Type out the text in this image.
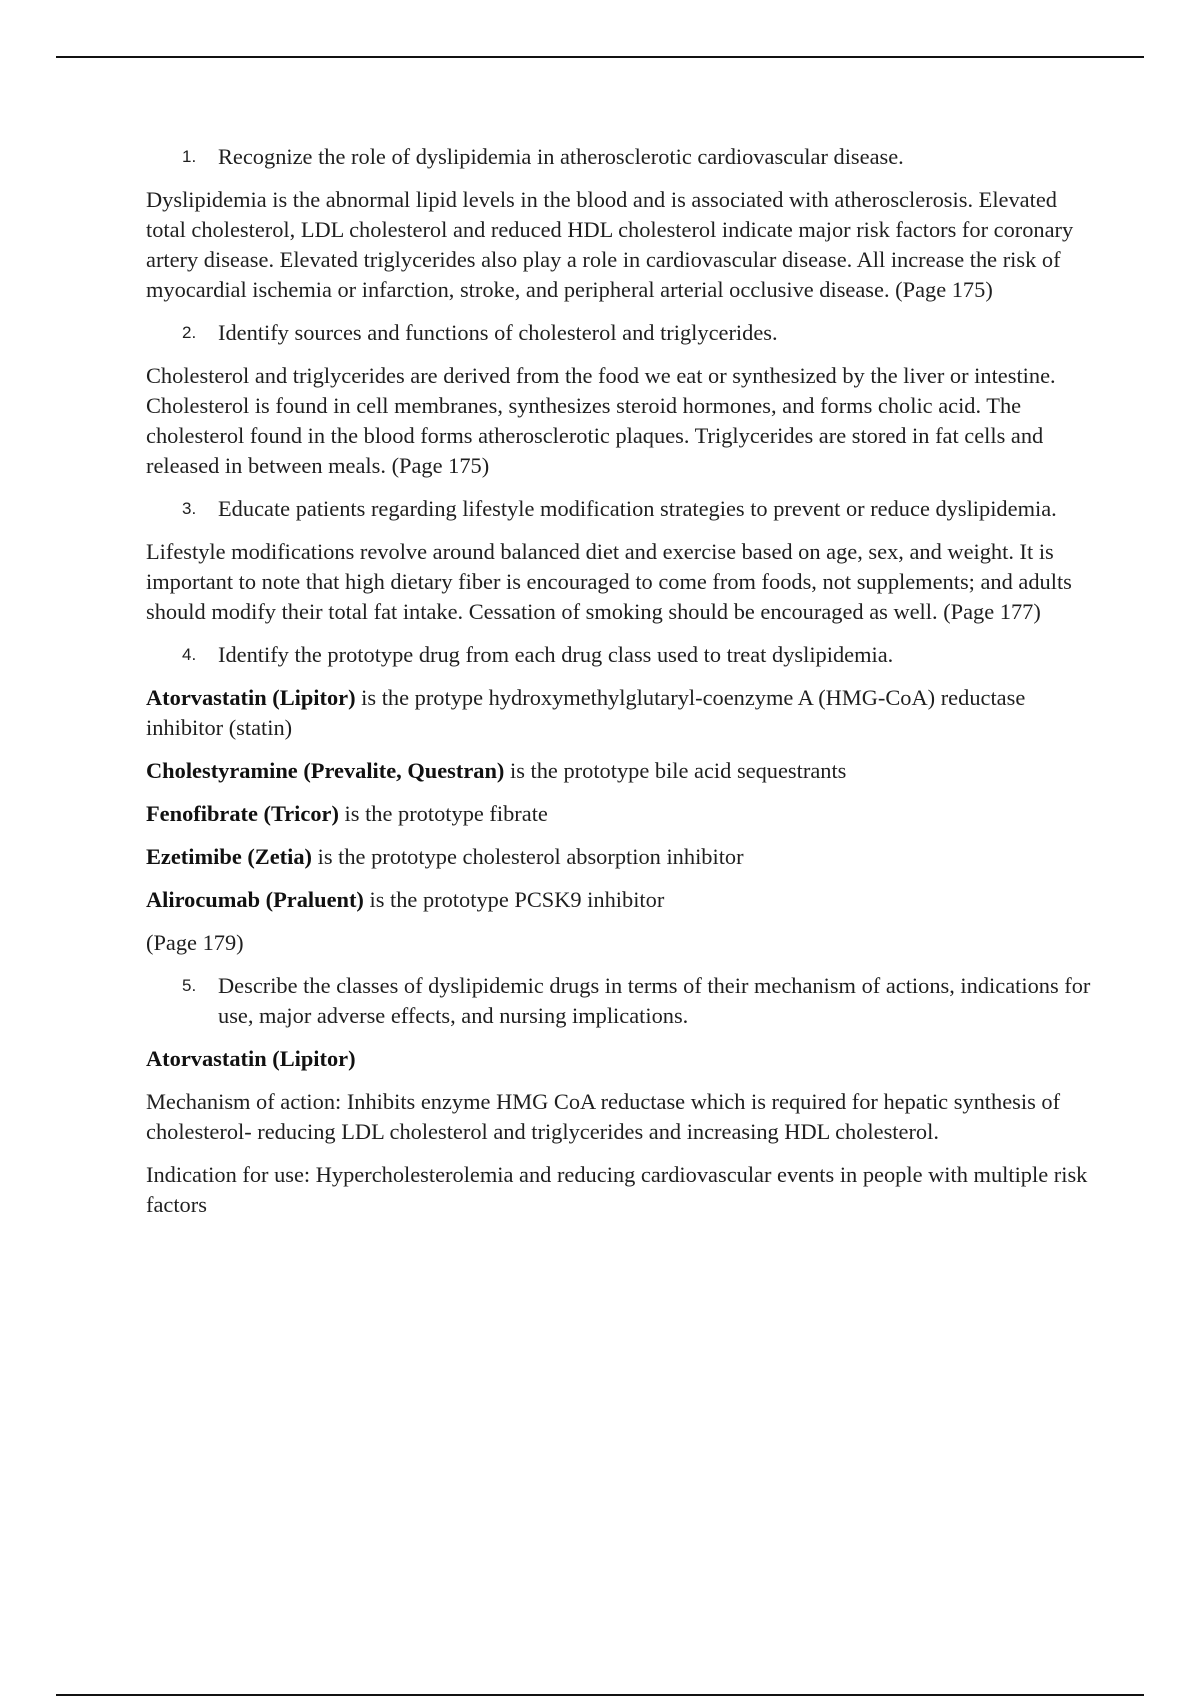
1. Recognize the role of dyslipidemia in atherosclerotic cardiovascular disease.

Dyslipidemia is the abnormal lipid levels in the blood and is associated with atherosclerosis. Elevated total cholesterol, LDL cholesterol and reduced HDL cholesterol indicate major risk factors for coronary artery disease. Elevated triglycerides also play a role in cardiovascular disease. All increase the risk of myocardial ischemia or infarction, stroke, and peripheral arterial occlusive disease. (Page 175)

2. Identify sources and functions of cholesterol and triglycerides.

Cholesterol and triglycerides are derived from the food we eat or synthesized by the liver or intestine. Cholesterol is found in cell membranes, synthesizes steroid hormones, and forms cholic acid. The cholesterol found in the blood forms atherosclerotic plaques. Triglycerides are stored in fat cells and released in between meals. (Page 175)

3. Educate patients regarding lifestyle modification strategies to prevent or reduce dyslipidemia.

Lifestyle modifications revolve around balanced diet and exercise based on age, sex, and weight. It is important to note that high dietary fiber is encouraged to come from foods, not supplements; and adults should modify their total fat intake. Cessation of smoking should be encouraged as well. (Page 177)

4. Identify the prototype drug from each drug class used to treat dyslipidemia.

Atorvastatin (Lipitor) is the protype hydroxymethylglutaryl-coenzyme A (HMG-CoA) reductase inhibitor (statin)

Cholestyramine (Prevalite, Questran) is the prototype bile acid sequestrants

Fenofibrate (Tricor) is the prototype fibrate

Ezetimibe (Zetia) is the prototype cholesterol absorption inhibitor

Alirocumab (Praluent) is the prototype PCSK9 inhibitor

(Page 179)

5. Describe the classes of dyslipidemic drugs in terms of their mechanism of actions, indications for use, major adverse effects, and nursing implications.

Atorvastatin (Lipitor)

Mechanism of action: Inhibits enzyme HMG CoA reductase which is required for hepatic synthesis of cholesterol- reducing LDL cholesterol and triglycerides and increasing HDL cholesterol.

Indication for use: Hypercholesterolemia and reducing cardiovascular events in people with multiple risk factors
